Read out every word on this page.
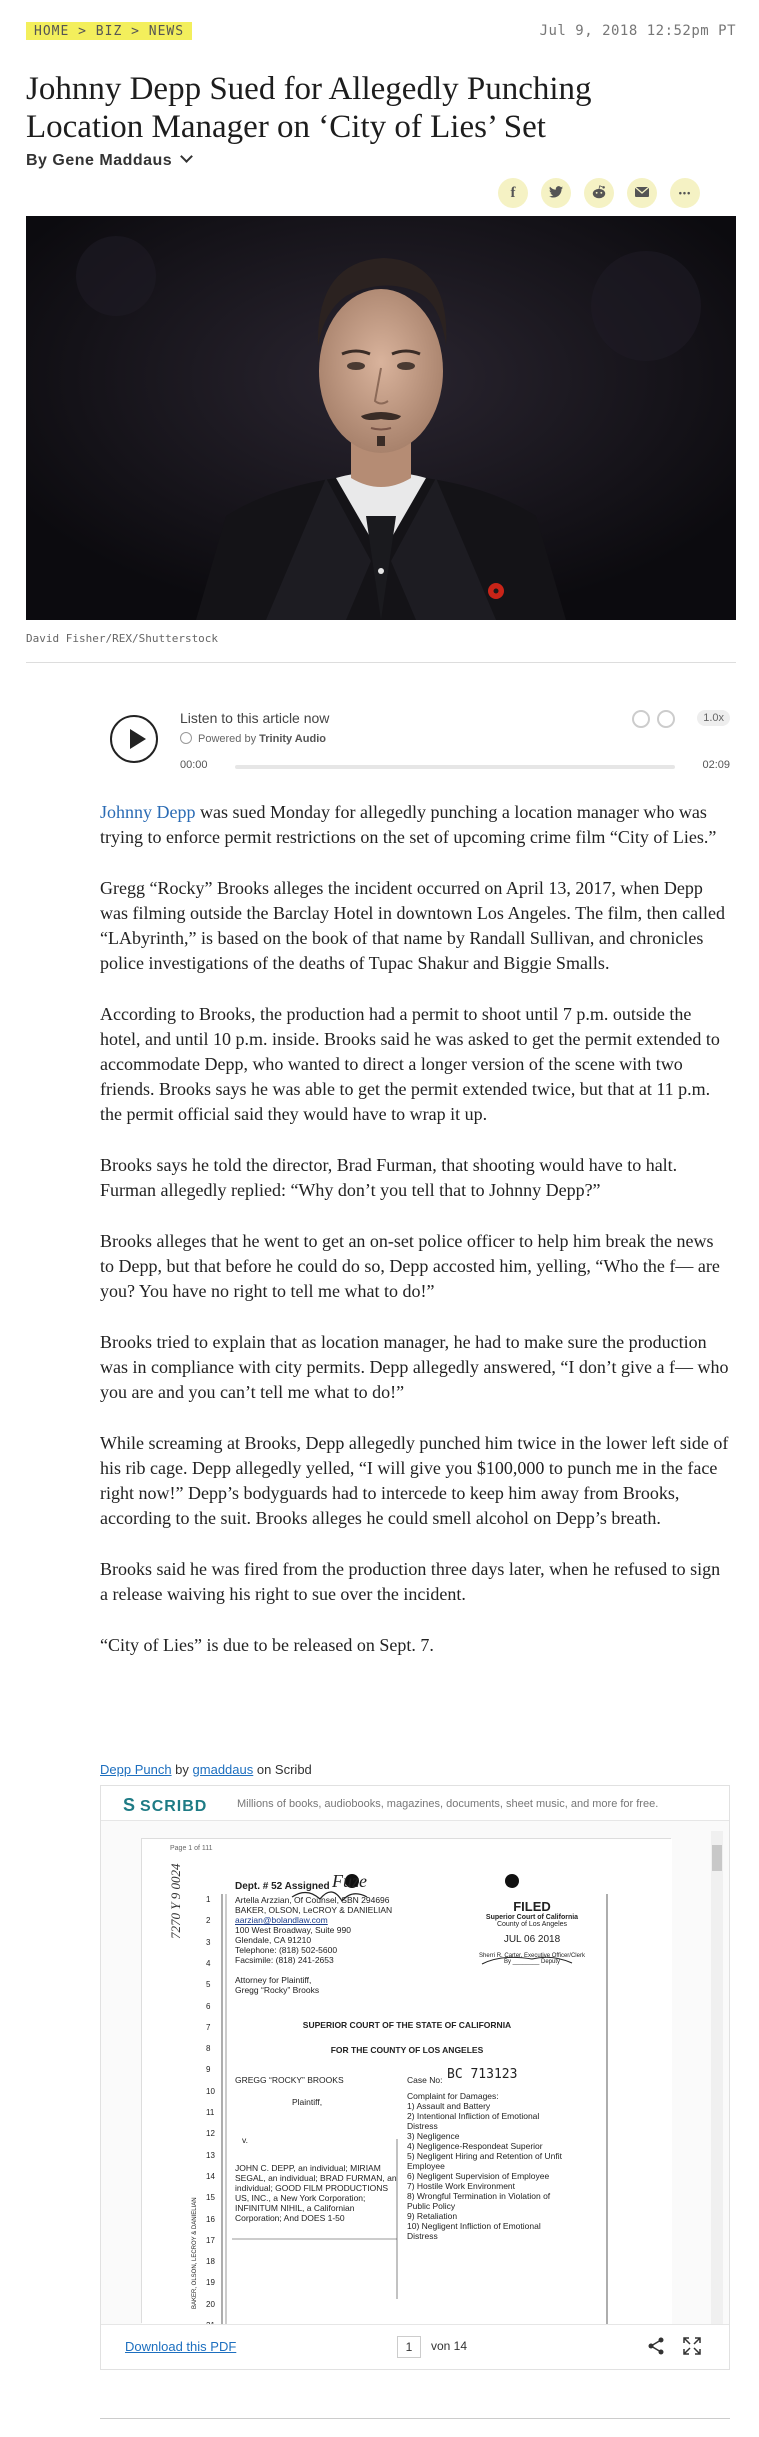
HOME > BIZ > NEWS	Jul 9, 2018 12:52pm PT
Johnny Depp Sued for Allegedly Punching Location Manager on ‘City of Lies’ Set
By Gene Maddaus
f	•••
David Fisher/REX/Shutterstock
Listen to this article now
Powered by Trinity Audio
1.0x
00:00	02:09

Johnny Depp was sued Monday for allegedly punching a location manager who was trying to enforce permit restrictions on the set of upcoming crime film “City of Lies.”

Gregg “Rocky” Brooks alleges the incident occurred on April 13, 2017, when Depp was filming outside the Barclay Hotel in downtown Los Angeles. The film, then called “LAbyrinth,” is based on the book of that name by Randall Sullivan, and chronicles police investigations of the deaths of Tupac Shakur and Biggie Smalls.

According to Brooks, the production had a permit to shoot until 7 p.m. outside the hotel, and until 10 p.m. inside. Brooks said he was asked to get the permit extended to accommodate Depp, who wanted to direct a longer version of the scene with two friends. Brooks says he was able to get the permit extended twice, but that at 11 p.m. the permit official said they would have to wrap it up.

Brooks says he told the director, Brad Furman, that shooting would have to halt. Furman allegedly replied: “Why don’t you tell that to Johnny Depp?”

Brooks alleges that he went to get an on-set police officer to help him break the news to Depp, but that before he could do so, Depp accosted him, yelling, “Who the f— are you? You have no right to tell me what to do!”

Brooks tried to explain that as location manager, he had to make sure the production was in compliance with city permits. Depp allegedly answered, “I don’t give a f— who you are and you can’t tell me what to do!”

While screaming at Brooks, Depp allegedly punched him twice in the lower left side of his rib cage. Depp allegedly yelled, “I will give you $100,000 to punch me in the face right now!” Depp’s bodyguards had to intercede to keep him away from Brooks, according to the suit. Brooks alleges he could smell alcohol on Depp’s breath.

Brooks said he was fired from the production three days later, when he refused to sign a release waiving his right to sue over the incident.

“City of Lies” is due to be released on Sept. 7.

Depp Punch by gmaddaus on Scribd
S SCRIBD	Millions of books, audiobooks, magazines, documents, sheet music, and more for free.
Page 1 of 111
Dept. # 52 Assigned Fuze
Artella Arzzian, Of Counsel, SBN 294696
BAKER, OLSON, LeCROY & DANIELIAN
aarzian@bolandlaw.com
100 West Broadway, Suite 990
Glendale, CA 91210
Telephone: (818) 502-5600
Facsimile: (818) 241-2653
Attorney for Plaintiff,
Gregg “Rocky” Brooks
FILED
Superior Court of California
County of Los Angeles
JUL 06 2018
Sherri R. Carter, Executive Officer/Clerk
By ________ Deputy
SUPERIOR COURT OF THE STATE OF CALIFORNIA
FOR THE COUNTY OF LOS ANGELES
GREGG “ROCKY” BROOKS
Plaintiff,
v.
JOHN C. DEPP, an individual; MIRIAM
SEGAL, an individual; BRAD FURMAN, an
individual; GOOD FILM PRODUCTIONS
US, INC., a New York Corporation;
INFINITUM NIHIL, a Californian
Corporation; And DOES 1-50
Case No: BC 713123
Complaint for Damages:
1) Assault and Battery
2) Intentional Infliction of Emotional
Distress
3) Negligence
4) Negligence-Respondeat Superior
5) Negligent Hiring and Retention of Unfit
Employee
6) Negligent Supervision of Employee
7) Hostile Work Environment
8) Wrongful Termination in Violation of
Public Policy
9) Retaliation
10) Negligent Infliction of Emotional
Distress
7270 Y 9 0024
BAKER, OLSON, LECROY & DANIELIAN
1
2
3
4
5
6
7
8
9
10
11
12
13
14
15
16
17
18
19
20
Download this PDF	1	von 14
